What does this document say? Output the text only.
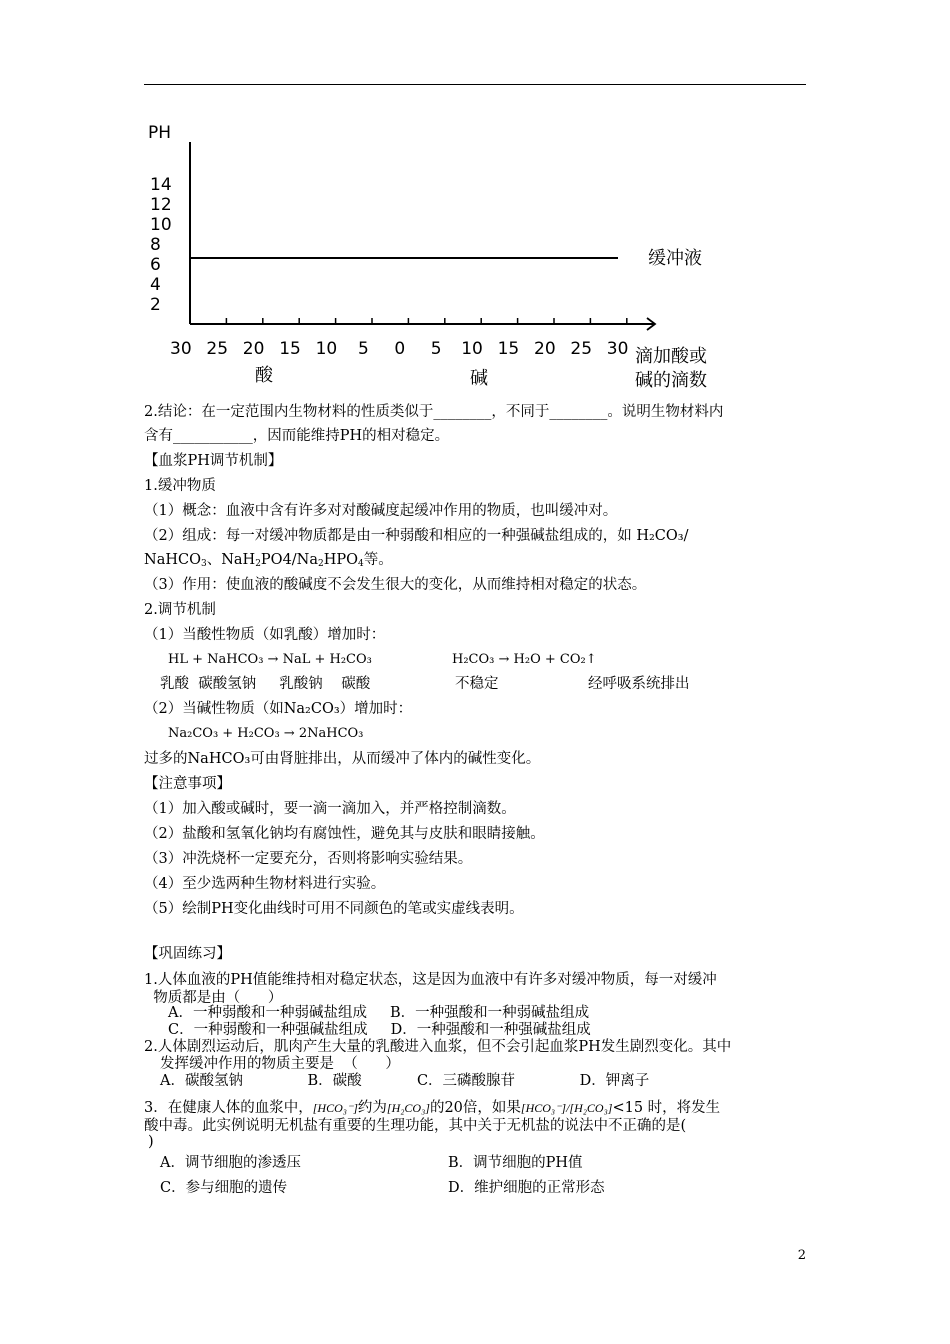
PH
14
12
10
8
6
4
2
30 25 20 15 10 5 0 5 10 15 20 25 30
酸	碱
滴加酸或
碱的滴数
缓冲液
2.结论：在一定范围内生物材料的性质类似于________，不同于________。说明生物材料内
含有___________，因而能维持PH的相对稳定。
【血浆PH调节机制】
1.缓冲物质
（1）概念：血液中含有许多对对酸碱度起缓冲作用的物质，也叫缓冲对。
（2）组成：每一对缓冲物质都是由一种弱酸和相应的一种强碱盐组成的，如 H₂CO₃/
NaHCO$_3$、$NaH_2PO4/Na_2HPO_4$等。
（3）作用：使血液的酸碱度不会发生很大的变化，从而维持相对稳定的状态。
2.调节机制
（1）当酸性物质（如乳酸）增加时：
HL + NaHCO₃ → NaL + H₂CO₃	H₂CO₃ → H₂O + CO₂↑
乳酸  碳酸氢钠     乳酸钠    碳酸	不稳定	经呼吸系统排出
（2）当碱性物质（如Na₂CO₃）增加时：
Na₂CO₃ + H₂CO₃ → 2NaHCO₃
过多的NaHCO₃可由肾脏排出，从而缓冲了体内的碱性变化。
【注意事项】
（1）加入酸或碱时，要一滴一滴加入，并严格控制滴数。
（2）盐酸和氢氧化钠均有腐蚀性，避免其与皮肤和眼睛接触。
（3）冲洗烧杯一定要充分，否则将影响实验结果。
（4）至少选两种生物材料进行实验。
（5）绘制PH变化曲线时可用不同颜色的笔或实虚线表明。
【巩固练习】
1.人体血液的PH值能维持相对稳定状态，这是因为血液中有许多对缓冲物质，每一对缓冲
物质都是由（      ）
A．一种弱酸和一种弱碱盐组成     B．一种强酸和一种弱碱盐组成
C．一种弱酸和一种强碱盐组成     D．一种强酸和一种强碱盐组成
2.人体剧烈运动后，肌肉产生大量的乳酸进入血浆，但不会引起血浆PH发生剧烈变化。其中
发挥缓冲作用的物质主要是  （      ）
A．碳酸氢钠              B．碳酸            C．三磷酸腺苷              D．钾离子
3．在健康人体的血浆中，[HCO₃⁻]约为[H₂CO₃]的20倍，如果[HCO₃⁻]/[H₂CO₃]<15 时，将发生
酸中毒。此实例说明无机盐有重要的生理功能，其中关于无机盐的说法中不正确的是(
)
A．调节细胞的渗透压	B．调节细胞的PH值
C．参与细胞的遗传	D．维护细胞的正常形态
2
